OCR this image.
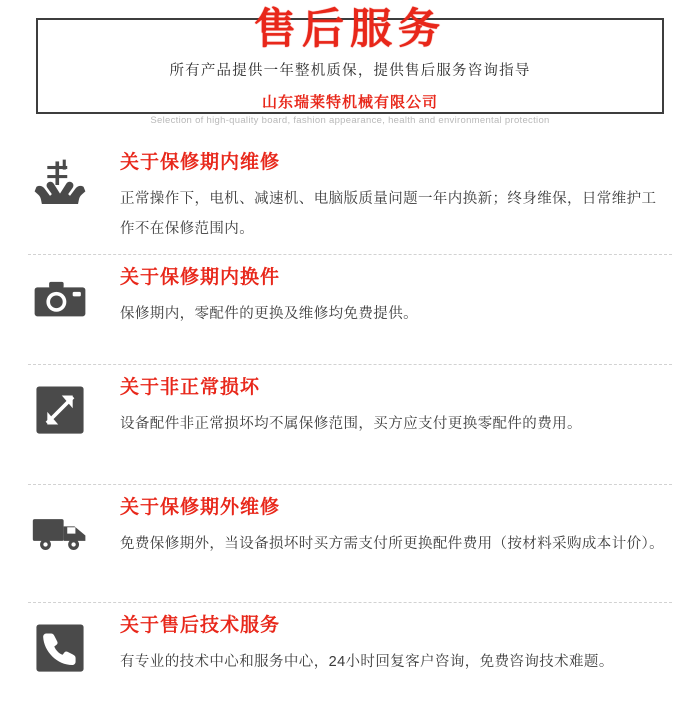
售后服务
所有产品提供一年整机质保，提供售后服务咨询指导
山东瑞莱特机械有限公司
Selection of high-quality board, fashion appearance, health and environmental protection

关于保修期内维修

正常操作下，电机、减速机、电脑版质量问题一年内换新；终身维保，日常维护工作不在保修范围内。

关于保修期内换件

保修期内，零配件的更换及维修均免费提供。

关于非正常损坏

设备配件非正常损坏均不属保修范围，买方应支付更换零配件的费用。

关于保修期外维修

免费保修期外，当设备损坏时买方需支付所更换配件费用（按材料采购成本计价）。

关于售后技术服务

有专业的技术中心和服务中心，24小时回复客户咨询，免费咨询技术难题。
